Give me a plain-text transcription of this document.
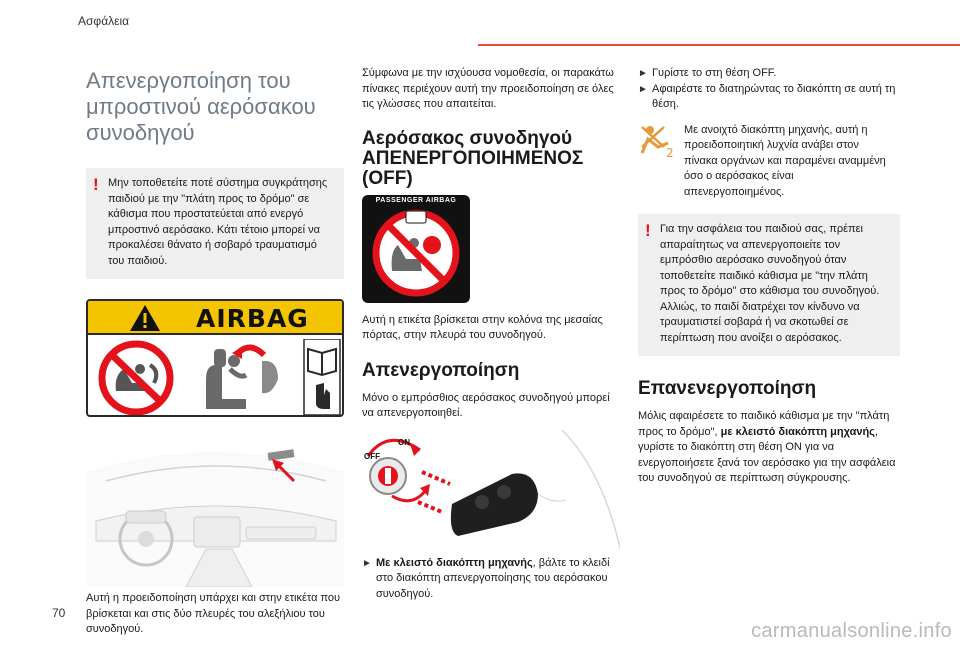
Ασφάλεια
Απενεργοποίηση του μπροστινού αερόσακου συνοδηγού
! Μην τοποθετείτε ποτέ σύστημα συγκράτησης παιδιού με την "πλάτη προς το δρόμο" σε κάθισμα που προστατεύεται από ενεργό μπροστινό αερόσακο. Κάτι τέτοιο μπορεί να προκαλέσει θάνατο ή σοβαρό τραυματισμό του παιδιού.
AIRBAG
Αυτή η προειδοποίηση υπάρχει και στην ετικέτα που βρίσκεται και στις δύο πλευρές του αλεξήλιου του συνοδηγού.
Σύμφωνα με την ισχύουσα νομοθεσία, οι παρακάτω πίνακες περιέχουν αυτή την προειδοποίηση σε όλες τις γλώσσες που απαιτείται.
Αερόσακος συνοδηγού
ΑΠΕΝΕΡΓΟΠΟΙΗΜΕΝΟΣ
(OFF)
PASSENGER AIRBAG
Αυτή η ετικέτα βρίσκεται στην κολόνα της μεσαίας πόρτας, στην πλευρά του συνοδηγού.
Απενεργοποίηση
Μόνο ο εμπρόσθιος αερόσακος συνοδηγού μπορεί να απενεργοποιηθεί.
OFF
ON
► Με κλειστό διακόπτη μηχανής, βάλτε το κλειδί στο διακόπτη απενεργοποίησης του αερόσακου συνοδηγού.
► Γυρίστε το στη θέση OFF.
► Αφαιρέστε το διατηρώντας το διακόπτη σε αυτή τη θέση.
2
Με ανοιχτό διακόπτη μηχανής, αυτή η προειδοποιητική λυχνία ανάβει στον πίνακα οργάνων και παραμένει αναμμένη όσο ο αερόσακος είναι απενεργοποιημένος.
! Για την ασφάλεια του παιδιού σας, πρέπει απαραίτητως να απενεργοποιείτε τον εμπρόσθιο αερόσακο συνοδηγού όταν τοποθετείτε παιδικό κάθισμα με "την πλάτη προς το δρόμο" στο κάθισμα του συνοδηγού. Αλλιώς, το παιδί διατρέχει τον κίνδυνο να τραυματιστεί σοβαρά ή να σκοτωθεί σε περίπτωση που ανοίξει ο αερόσακος.
Επανενεργοποίηση
Μόλις αφαιρέσετε το παιδικό κάθισμα με την "πλάτη προς το δρόμο", με κλειστό διακόπτη μηχανής, γυρίστε το διακόπτη στη θέση ON για να ενεργοποιήσετε ξανά τον αερόσακο για την ασφάλεια του συνοδηγού σε περίπτωση σύγκρουσης.
70
carmanualsonline.info
